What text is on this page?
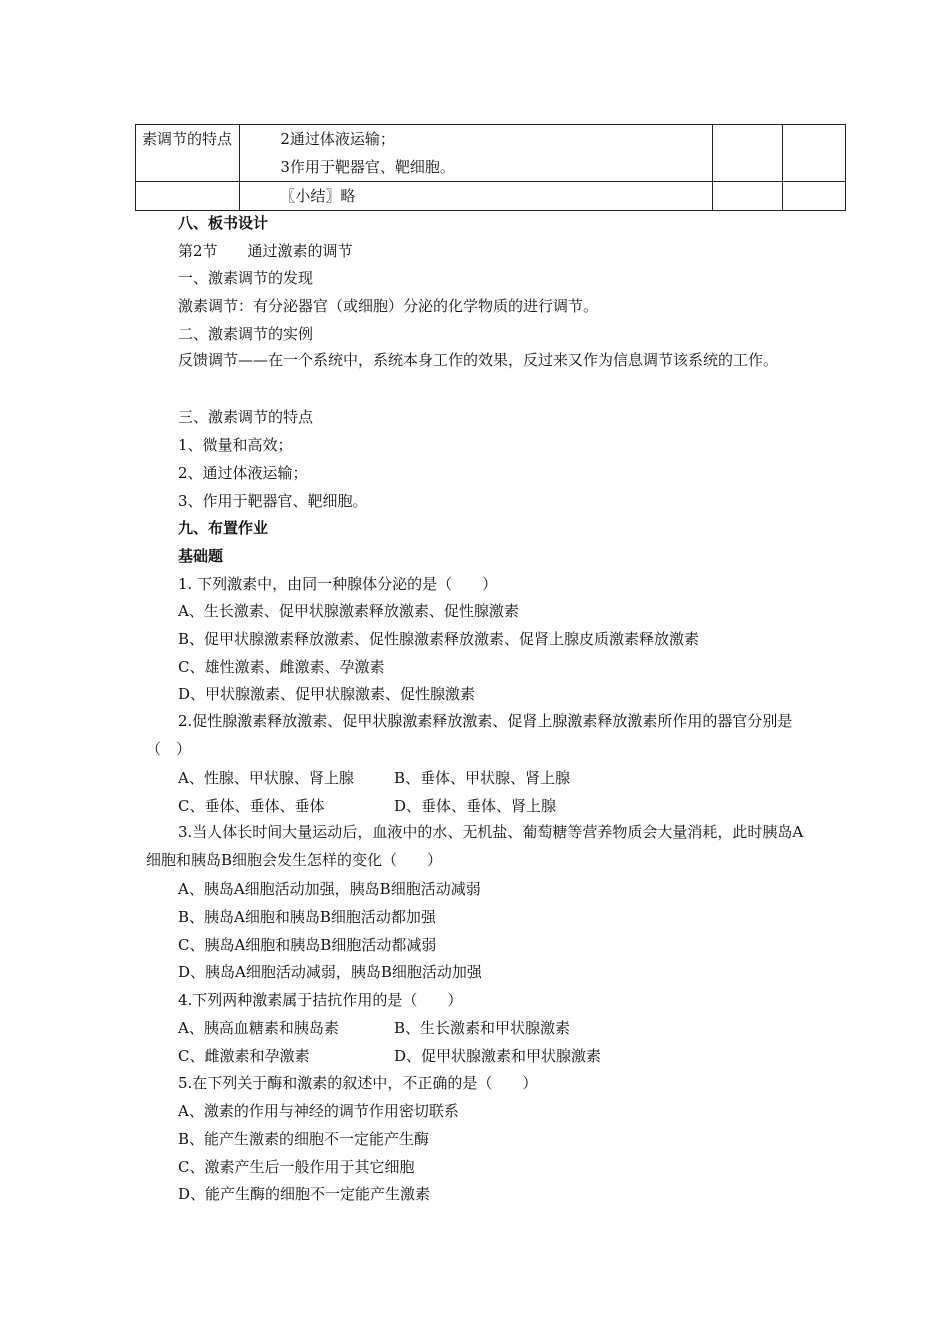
素调节的特点	2通过体液运输；
3作用于靶器官、靶细胞。		

	〖小结〗略		
八、板书设计
第2节　　通过激素的调节
一、激素调节的发现
激素调节：有分泌器官（或细胞）分泌的化学物质的进行调节。
二、激素调节的实例
反馈调节——在一个系统中，系统本身工作的效果，反过来又作为信息调节该系统的工作。
三、激素调节的特点
1、微量和高效；
2、通过体液运输；
3、作用于靶器官、靶细胞。
九、布置作业
基础题
1. 下列激素中，由同一种腺体分泌的是（　　）
A、生长激素、促甲状腺激素释放激素、促性腺激素
B、促甲状腺激素释放激素、促性腺激素释放激素、促肾上腺皮质激素释放激素
C、雄性激素、雌激素、孕激素
D、甲状腺激素、促甲状腺激素、促性腺激素
2.促性腺激素释放激素、促甲状腺激素释放激素、促肾上腺激素释放激素所作用的器官分别是（　）
A、性腺、甲状腺、肾上腺	B、垂体、甲状腺、肾上腺
C、垂体、垂体、垂体	D、垂体、垂体、肾上腺
3.当人体长时间大量运动后，血液中的水、无机盐、葡萄糖等营养物质会大量消耗，此时胰岛A细胞和胰岛B细胞会发生怎样的变化（　　）
A、胰岛A细胞活动加强，胰岛B细胞活动减弱
B、胰岛A细胞和胰岛B细胞活动都加强
C、胰岛A细胞和胰岛B细胞活动都减弱
D、胰岛A细胞活动减弱，胰岛B细胞活动加强
4.下列两种激素属于拮抗作用的是（　　）
A、胰高血糖素和胰岛素	B、生长激素和甲状腺激素
C、雌激素和孕激素	D、促甲状腺激素和甲状腺激素
5.在下列关于酶和激素的叙述中，不正确的是（　　）
A、激素的作用与神经的调节作用密切联系
B、能产生激素的细胞不一定能产生酶
C、激素产生后一般作用于其它细胞
D、能产生酶的细胞不一定能产生激素
